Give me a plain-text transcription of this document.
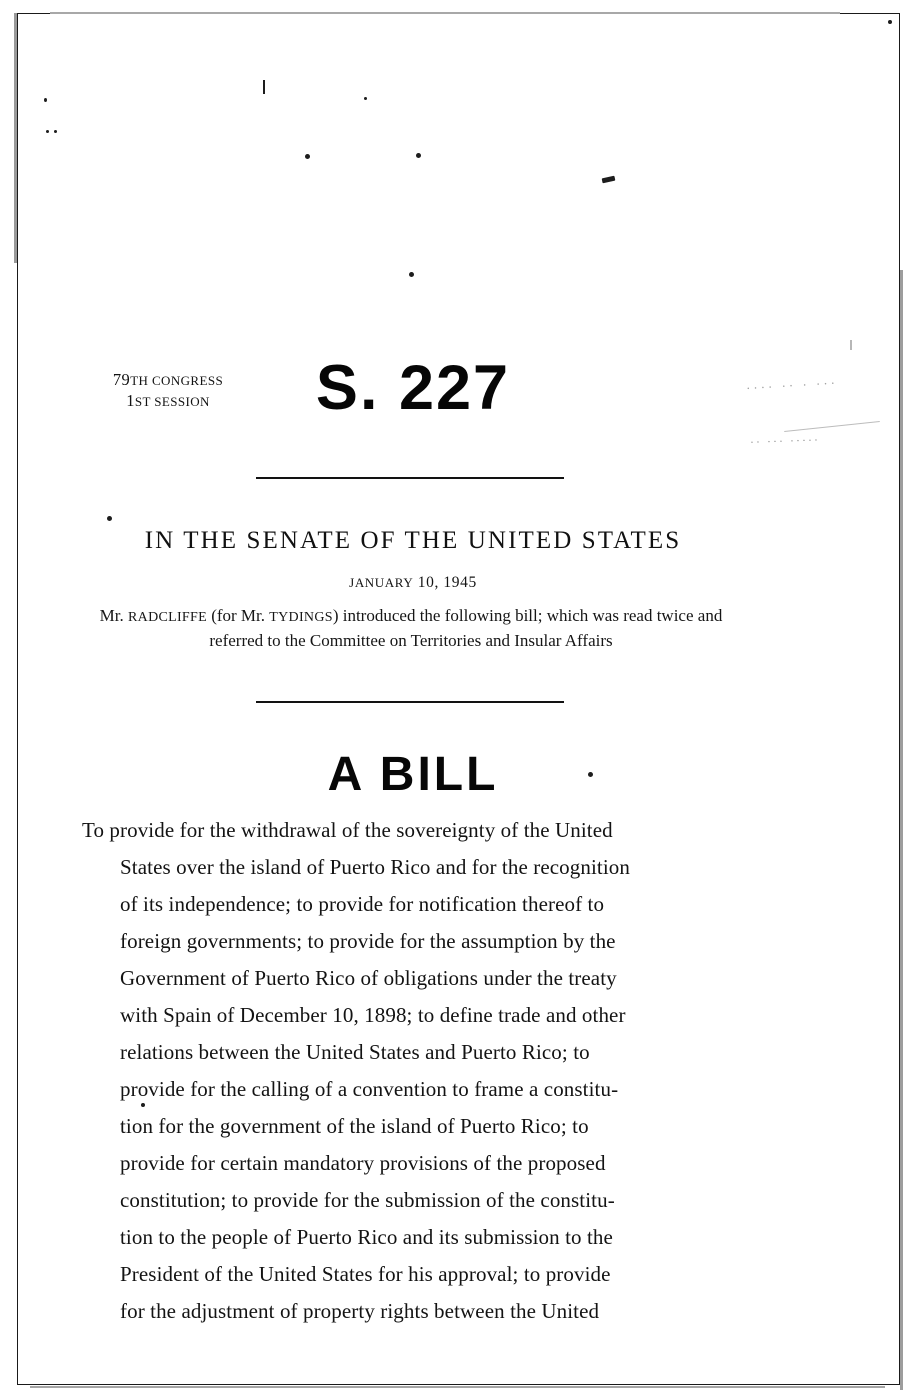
79TH CONGRESS
1ST SESSION	S. 227	···· ·· · ···
·· ··· ·····
IN THE SENATE OF THE UNITED STATES
JANUARY 10, 1945
Mr. RADCLIFFE (for Mr. TYDINGS) introduced the following bill; which was read twice and referred to the Committee on Territories and Insular Affairs
A BILL
To provide for the withdrawal of the sovereignty of the United
States over the island of Puerto Rico and for the recognition
of its independence; to provide for notification thereof to
foreign governments; to provide for the assumption by the
Government of Puerto Rico of obligations under the treaty
with Spain of December 10, 1898; to define trade and other
relations between the United States and Puerto Rico; to
provide for the calling of a convention to frame a constitu-
tion for the government of the island of Puerto Rico; to
provide for certain mandatory provisions of the proposed
constitution; to provide for the submission of the constitu-
tion to the people of Puerto Rico and its submission to the
President of the United States for his approval; to provide
for the adjustment of property rights between the United
